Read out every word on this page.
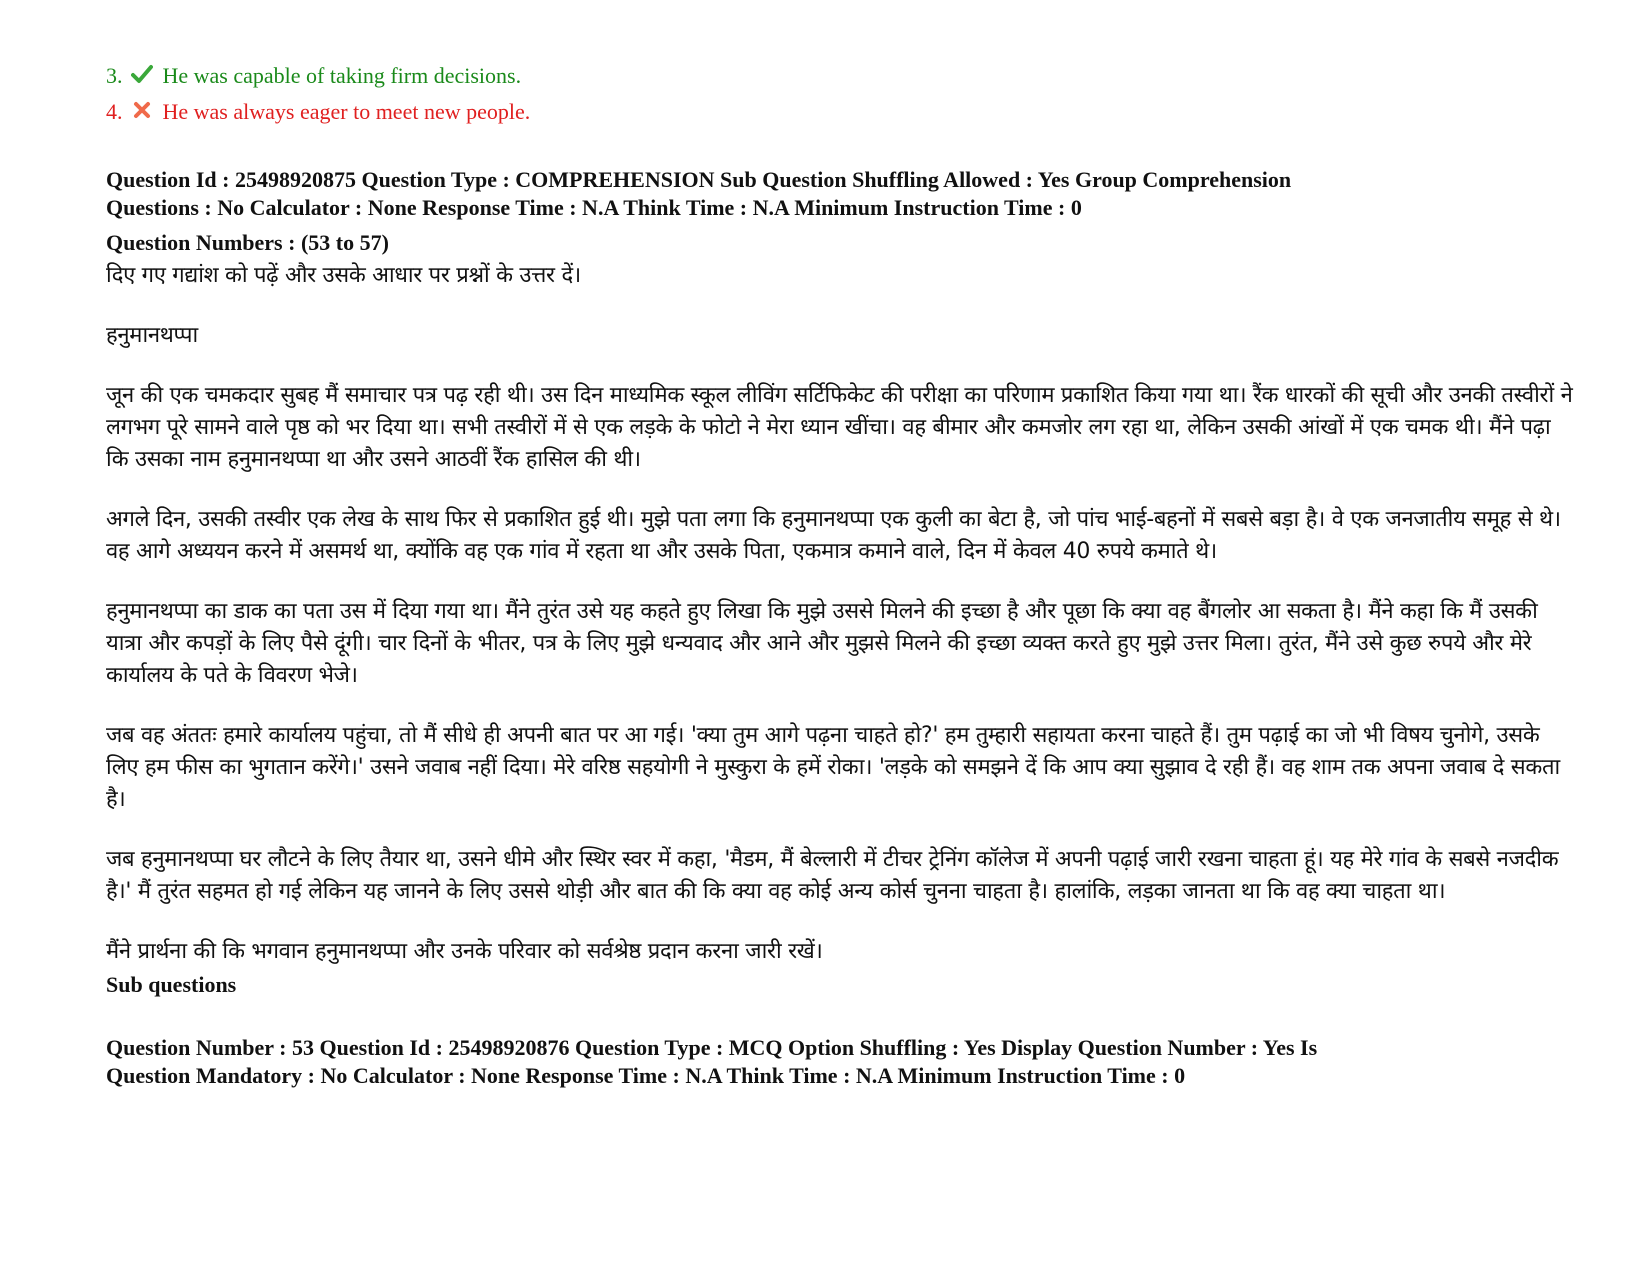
3. He was capable of taking firm decisions.
4. He was always eager to meet new people.
Question Id : 25498920875 Question Type : COMPREHENSION Sub Question Shuffling Allowed : Yes Group Comprehension
Questions : No Calculator : None Response Time : N.A Think Time : N.A Minimum Instruction Time : 0
Question Numbers : (53 to 57)
दिए गए गद्यांश को पढ़ें और उसके आधार पर प्रश्नों के उत्तर दें।
हनुमानथप्पा
जून की एक चमकदार सुबह मैं समाचार पत्र पढ़ रही थी। उस दिन माध्यमिक स्कूल लीविंग सर्टिफिकेट की परीक्षा का परिणाम प्रकाशित किया गया था। रैंक धारकों की सूची और उनकी तस्वीरों ने लगभग पूरे सामने वाले पृष्ठ को भर दिया था। सभी तस्वीरों में से एक लड़के के फोटो ने मेरा ध्यान खींचा। वह बीमार और कमजोर लग रहा था, लेकिन उसकी आंखों में एक चमक थी। मैंने पढ़ा कि उसका नाम हनुमानथप्पा था और उसने आठवीं रैंक हासिल की थी।
अगले दिन, उसकी तस्वीर एक लेख के साथ फिर से प्रकाशित हुई थी। मुझे पता लगा कि हनुमानथप्पा एक कुली का बेटा है, जो पांच भाई-बहनों में सबसे बड़ा है। वे एक जनजातीय समूह से थे। वह आगे अध्ययन करने में असमर्थ था, क्योंकि वह एक गांव में रहता था और उसके पिता, एकमात्र कमाने वाले, दिन में केवल 40 रुपये कमाते थे।
हनुमानथप्पा का डाक का पता उस में दिया गया था। मैंने तुरंत उसे यह कहते हुए लिखा कि मुझे उससे मिलने की इच्छा है और पूछा कि क्या वह बैंगलोर आ सकता है। मैंने कहा कि मैं उसकी यात्रा और कपड़ों के लिए पैसे दूंगी। चार दिनों के भीतर, पत्र के लिए मुझे धन्यवाद और आने और मुझसे मिलने की इच्छा व्यक्त करते हुए मुझे उत्तर मिला। तुरंत, मैंने उसे कुछ रुपये और मेरे कार्यालय के पते के विवरण भेजे।
जब वह अंततः हमारे कार्यालय पहुंचा, तो मैं सीधे ही अपनी बात पर आ गई। 'क्या तुम आगे पढ़ना चाहते हो?' हम तुम्हारी सहायता करना चाहते हैं। तुम पढ़ाई का जो भी विषय चुनोगे, उसके लिए हम फीस का भुगतान करेंगे।' उसने जवाब नहीं दिया। मेरे वरिष्ठ सहयोगी ने मुस्कुरा के हमें रोका। 'लड़के को समझने दें कि आप क्या सुझाव दे रही हैं। वह शाम तक अपना जवाब दे सकता है।
जब हनुमानथप्पा घर लौटने के लिए तैयार था, उसने धीमे और स्थिर स्वर में कहा, 'मैडम, मैं बेल्लारी में टीचर ट्रेनिंग कॉलेज में अपनी पढ़ाई जारी रखना चाहता हूं। यह मेरे गांव के सबसे नजदीक है।' मैं तुरंत सहमत हो गई लेकिन यह जानने के लिए उससे थोड़ी और बात की कि क्या वह कोई अन्य कोर्स चुनना चाहता है। हालांकि, लड़का जानता था कि वह क्या चाहता था।
मैंने प्रार्थना की कि भगवान हनुमानथप्पा और उनके परिवार को सर्वश्रेष्ठ प्रदान करना जारी रखें।
Sub questions
Question Number : 53 Question Id : 25498920876 Question Type : MCQ Option Shuffling : Yes Display Question Number : Yes Is
Question Mandatory : No Calculator : None Response Time : N.A Think Time : N.A Minimum Instruction Time : 0
